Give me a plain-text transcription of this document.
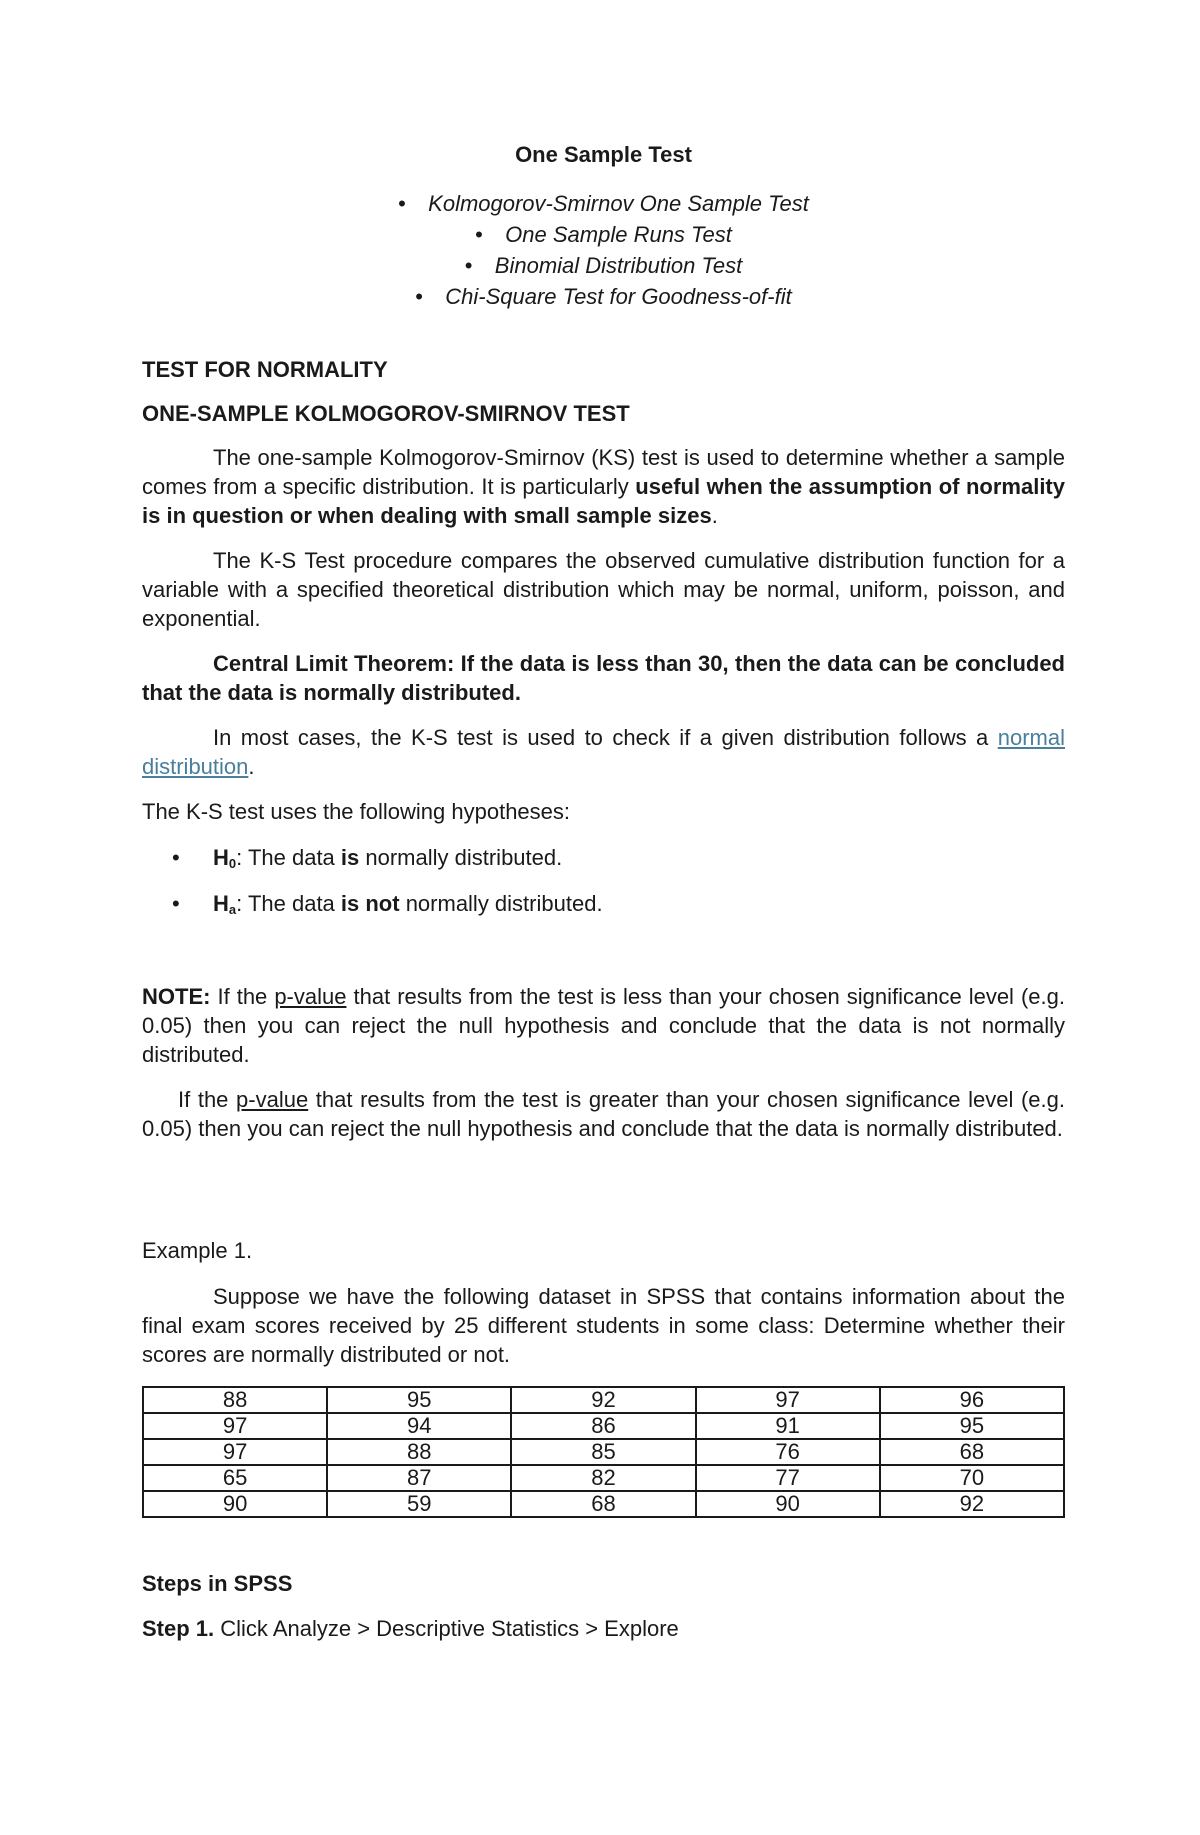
One Sample Test
• Kolmogorov-Smirnov One Sample Test
• One Sample Runs Test
• Binomial Distribution Test
• Chi-Square Test for Goodness-of-fit
TEST FOR NORMALITY
ONE-SAMPLE KOLMOGOROV-SMIRNOV TEST
The one-sample Kolmogorov-Smirnov (KS) test is used to determine whether a sample comes from a specific distribution. It is particularly useful when the assumption of normality is in question or when dealing with small sample sizes.
The K-S Test procedure compares the observed cumulative distribution function for a variable with a specified theoretical distribution which may be normal, uniform, poisson, and exponential.
Central Limit Theorem: If the data is less than 30, then the data can be concluded that the data is normally distributed.
In most cases, the K-S test is used to check if a given distribution follows a normal distribution.
The K-S test uses the following hypotheses:
• $H_0$: The data is normally distributed.
• $H_a$: The data is not normally distributed.
NOTE: If the p-value that results from the test is less than your chosen significance level (e.g. 0.05) then you can reject the null hypothesis and conclude that the data is not normally distributed.
If the p-value that results from the test is greater than your chosen significance level (e.g. 0.05) then you can reject the null hypothesis and conclude that the data is normally distributed.
Example 1.
Suppose we have the following dataset in SPSS that contains information about the final exam scores received by 25 different students in some class: Determine whether their scores are normally distributed or not.
88	95	92	97	96
97	94	86	91	95
97	88	85	76	68
65	87	82	77	70
90	59	68	90	92
Steps in SPSS
Step 1. Click Analyze > Descriptive Statistics > Explore
